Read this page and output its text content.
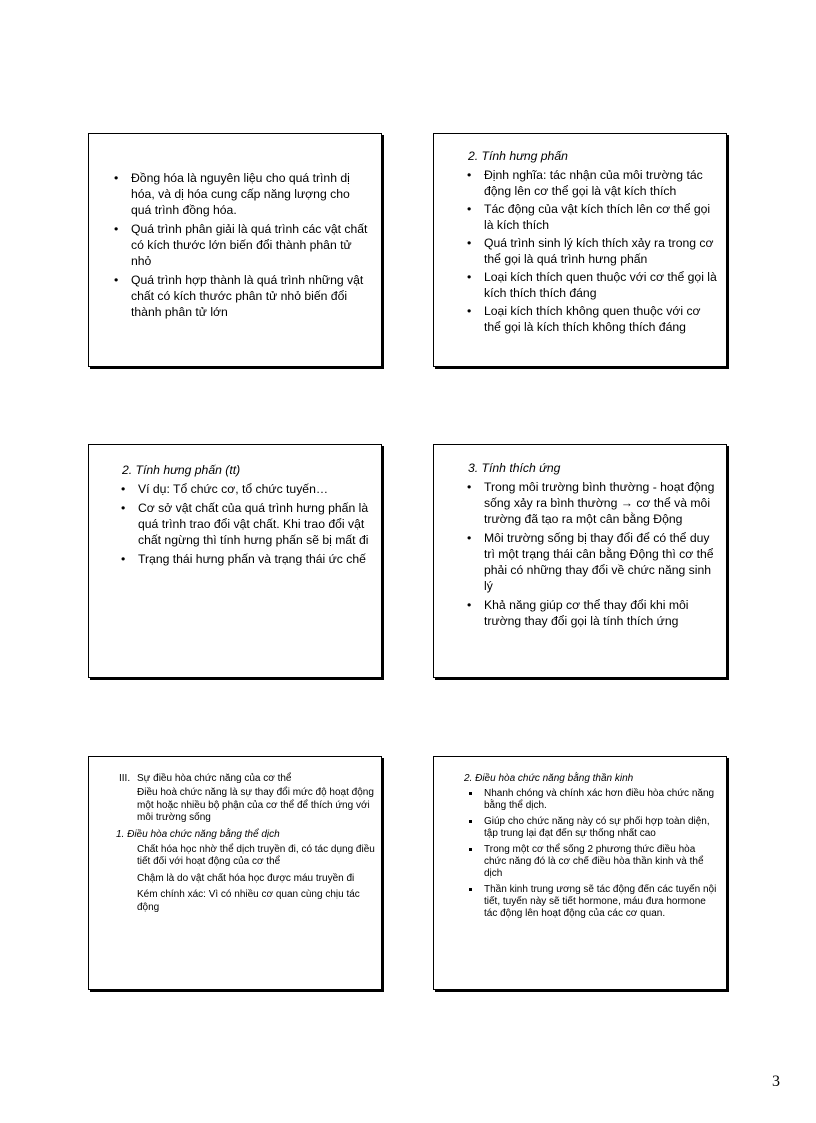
• Đồng hóa là nguyên liệu cho quá trình dị hóa, và dị hóa cung cấp năng lượng cho quá trình đồng hóa.
• Quá trình phân giải là quá trình các vật chất có kích thước lớn biến đổi thành phân tử nhỏ
• Quá trình hợp thành là quá trình những vật chất có kích thước phân tử nhỏ biến đổi thành phân tử lớn
2. Tính hưng phấn
• Định nghĩa: tác nhận của môi trường tác động lên cơ thể gọi là vật kích thích
• Tác động của vật kích thích lên cơ thể gọi là kích thích
• Quá trình sinh lý kích thích xảy ra trong cơ thể gọi là quá trình hưng phấn
• Loại kích thích quen thuộc với cơ thể gọi là kích thích thích đáng
• Loại kích thích không quen thuộc với cơ thể gọi là kích thích không thích đáng
2. Tính hưng phấn (tt)
• Ví dụ: Tổ chức cơ, tổ chức tuyến…
• Cơ sở vật chất của quá trình hưng phấn là quá trình trao đổi vật chất. Khi trao đổi vật chất ngừng thì tính hưng phấn sẽ bị mất đi
• Trạng thái hưng phấn và trạng thái ức chế
3. Tính thích ứng
• Trong môi trường bình thường - hoạt động sống xảy ra bình thường → cơ thể và môi trường đã tạo ra một cân bằng Động
• Môi trường sống bị thay đổi để có thể duy trì một trạng thái cân bằng Động thì cơ thể phải có những thay đổi về chức năng sinh lý
• Khả năng giúp cơ thể thay đổi khi môi trường thay đổi gọi là tính thích ứng
III. Sự điều hòa chức năng của cơ thể
Điều hoà chức năng là sự thay đổi mức độ hoạt động một hoặc nhiều bộ phận của cơ thể để thích ứng với môi trường sống
1. Điều hòa chức năng bằng thể dịch
Chất hóa học nhờ thể dịch truyền đi, có tác dụng điều tiết đối với hoạt động của cơ thể
Chậm là do vật chất hóa học được máu truyền đi
Kém chính xác: Vì có nhiều cơ quan cùng chịu tác động
2. Điều hòa chức năng bằng thần kinh
Nhanh chóng và chính xác hơn điều hòa chức năng bằng thể dịch.
Giúp cho chức năng này có sự phối hợp toàn diện, tập trung lại đạt đến sự thống nhất cao
Trong một cơ thể sống 2 phương thức điều hòa chức năng đó là cơ chế điều hòa thần kinh và thể dịch
Thần kinh trung ương sẽ tác động đến các tuyến nội tiết, tuyến này sẽ tiết hormone, máu đưa hormone tác động lên hoạt động của các cơ quan.
3
